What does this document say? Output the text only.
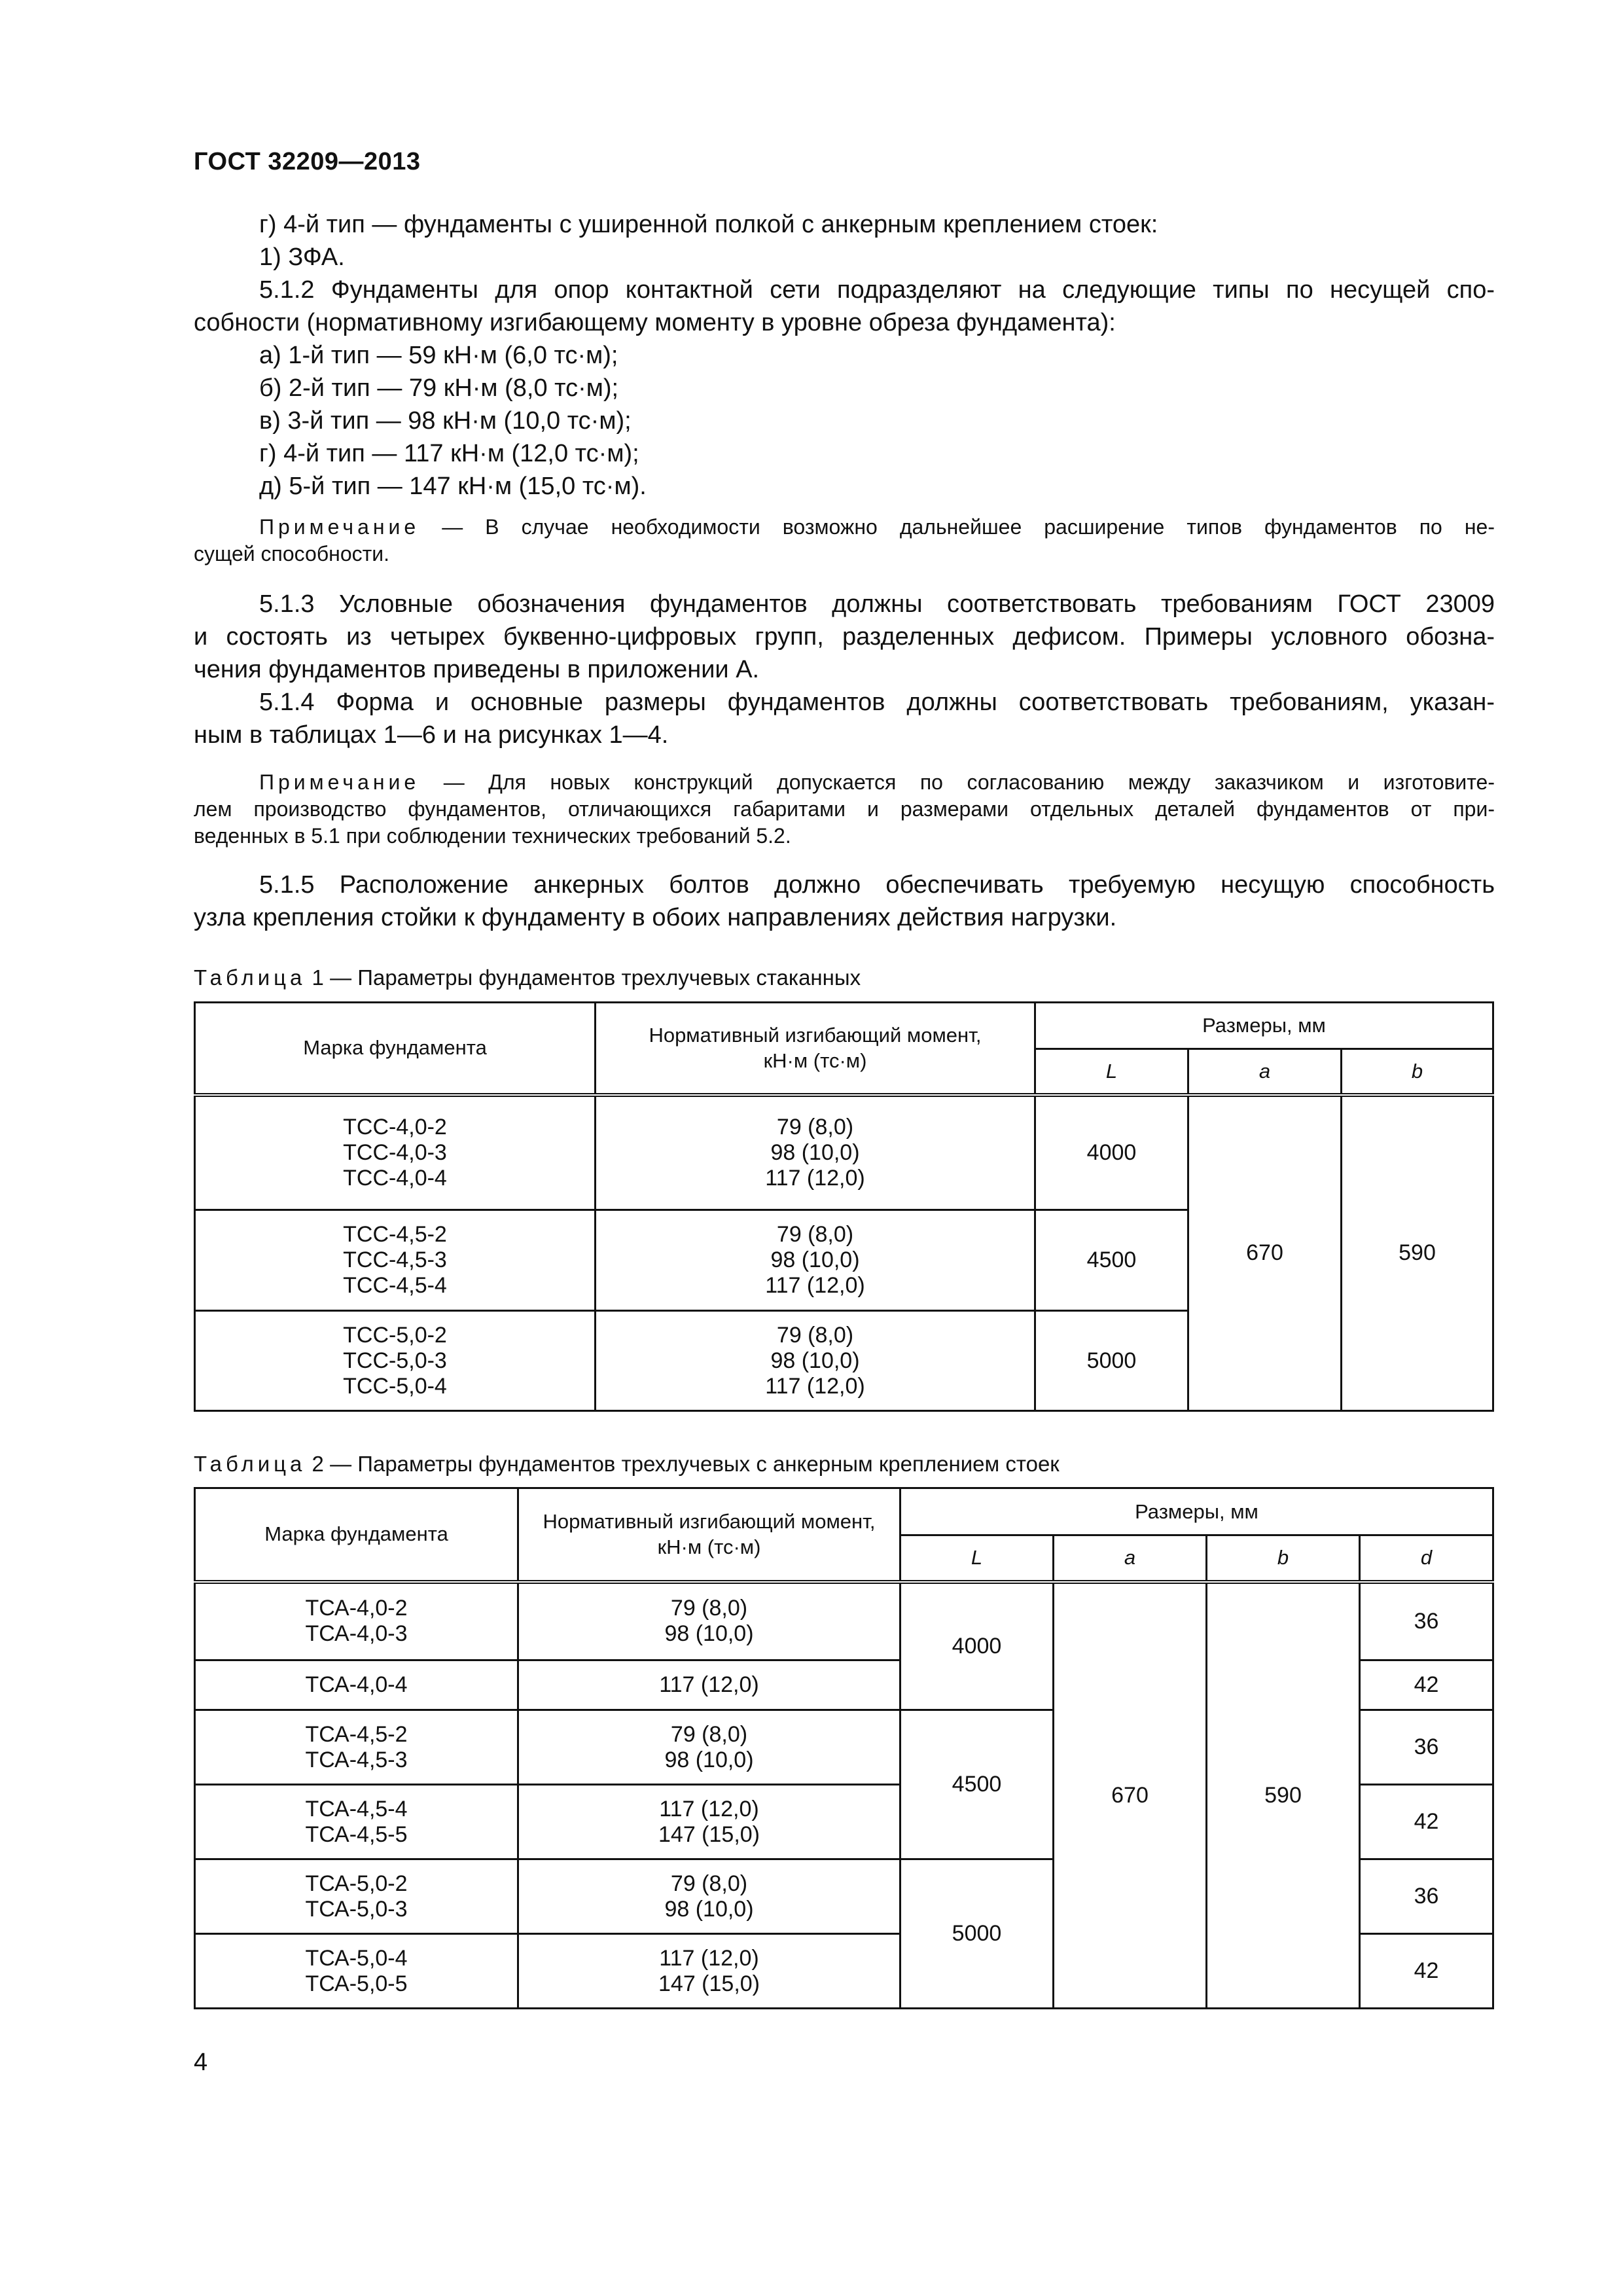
ГОСТ 32209—2013
г) 4-й тип — фундаменты с уширенной полкой с анкерным креплением стоек:
1) ЗФА.
5.1.2 Фундаменты для опор контактной сети подразделяют на следующие типы по несущей спо-
собности (нормативному изгибающему моменту в уровне обреза фундамента):
а) 1-й тип — 59 кН·м (6,0 тс·м);
б) 2-й тип — 79 кН·м (8,0 тс·м);
в) 3-й тип — 98 кН·м (10,0 тс·м);
г) 4-й тип — 117 кН·м (12,0 тс·м);
д) 5-й тип — 147 кН·м (15,0 тс·м).
Примечание — В случае необходимости возможно дальнейшее расширение типов фундаментов по не-
сущей способности.
5.1.3 Условные обозначения фундаментов должны соответствовать требованиям ГОСТ 23009
и состоять из четырех буквенно-цифровых групп, разделенных дефисом. Примеры условного обозна-
чения фундаментов приведены в приложении А.
5.1.4 Форма и основные размеры фундаментов должны соответствовать требованиям, указан-
ным в таблицах 1—6 и на рисунках 1—4.
Примечание — Для новых конструкций допускается по согласованию между заказчиком и изготовите-
лем производство фундаментов, отличающихся габаритами и размерами отдельных деталей фундаментов от при-
веденных в 5.1 при соблюдении технических требований 5.2.
5.1.5 Расположение анкерных болтов должно обеспечивать требуемую несущую способность
узла крепления стойки к фундаменту в обоих направлениях действия нагрузки.
Таблица 1 — Параметры фундаментов трехлучевых стаканных
Марка фундамента	Нормативный изгибающий момент,
кН·м (тс·м)	Размеры, мм		
		L	a	b

ТСС-4,0-2
ТСС-4,0-3
ТСС-4,0-4	79 (8,0)
98 (10,0)
117 (12,0)	4000	670	590

ТСС-4,5-2
ТСС-4,5-3
ТСС-4,5-4	79 (8,0)
98 (10,0)
117 (12,0)	4500		

ТСС-5,0-2
ТСС-5,0-3
ТСС-5,0-4	79 (8,0)
98 (10,0)
117 (12,0)	5000		
Таблица 2 — Параметры фундаментов трехлучевых с анкерным креплением стоек
Марка фундамента	Нормативный изгибающий момент,
кН·м (тс·м)	Размеры, мм			
		L	a	b	d

ТСА-4,0-2
ТСА-4,0-3	79 (8,0)
98 (10,0)	4000	670	590	36
ТСА-4,0-4	117 (12,0)				42

ТСА-4,5-2
ТСА-4,5-3	79 (8,0)
98 (10,0)	4500			36

ТСА-4,5-4
ТСА-4,5-5	117 (12,0)
147 (15,0)				42

ТСА-5,0-2
ТСА-5,0-3	79 (8,0)
98 (10,0)	5000			36

ТСА-5,0-4
ТСА-5,0-5	117 (12,0)
147 (15,0)				42
4
